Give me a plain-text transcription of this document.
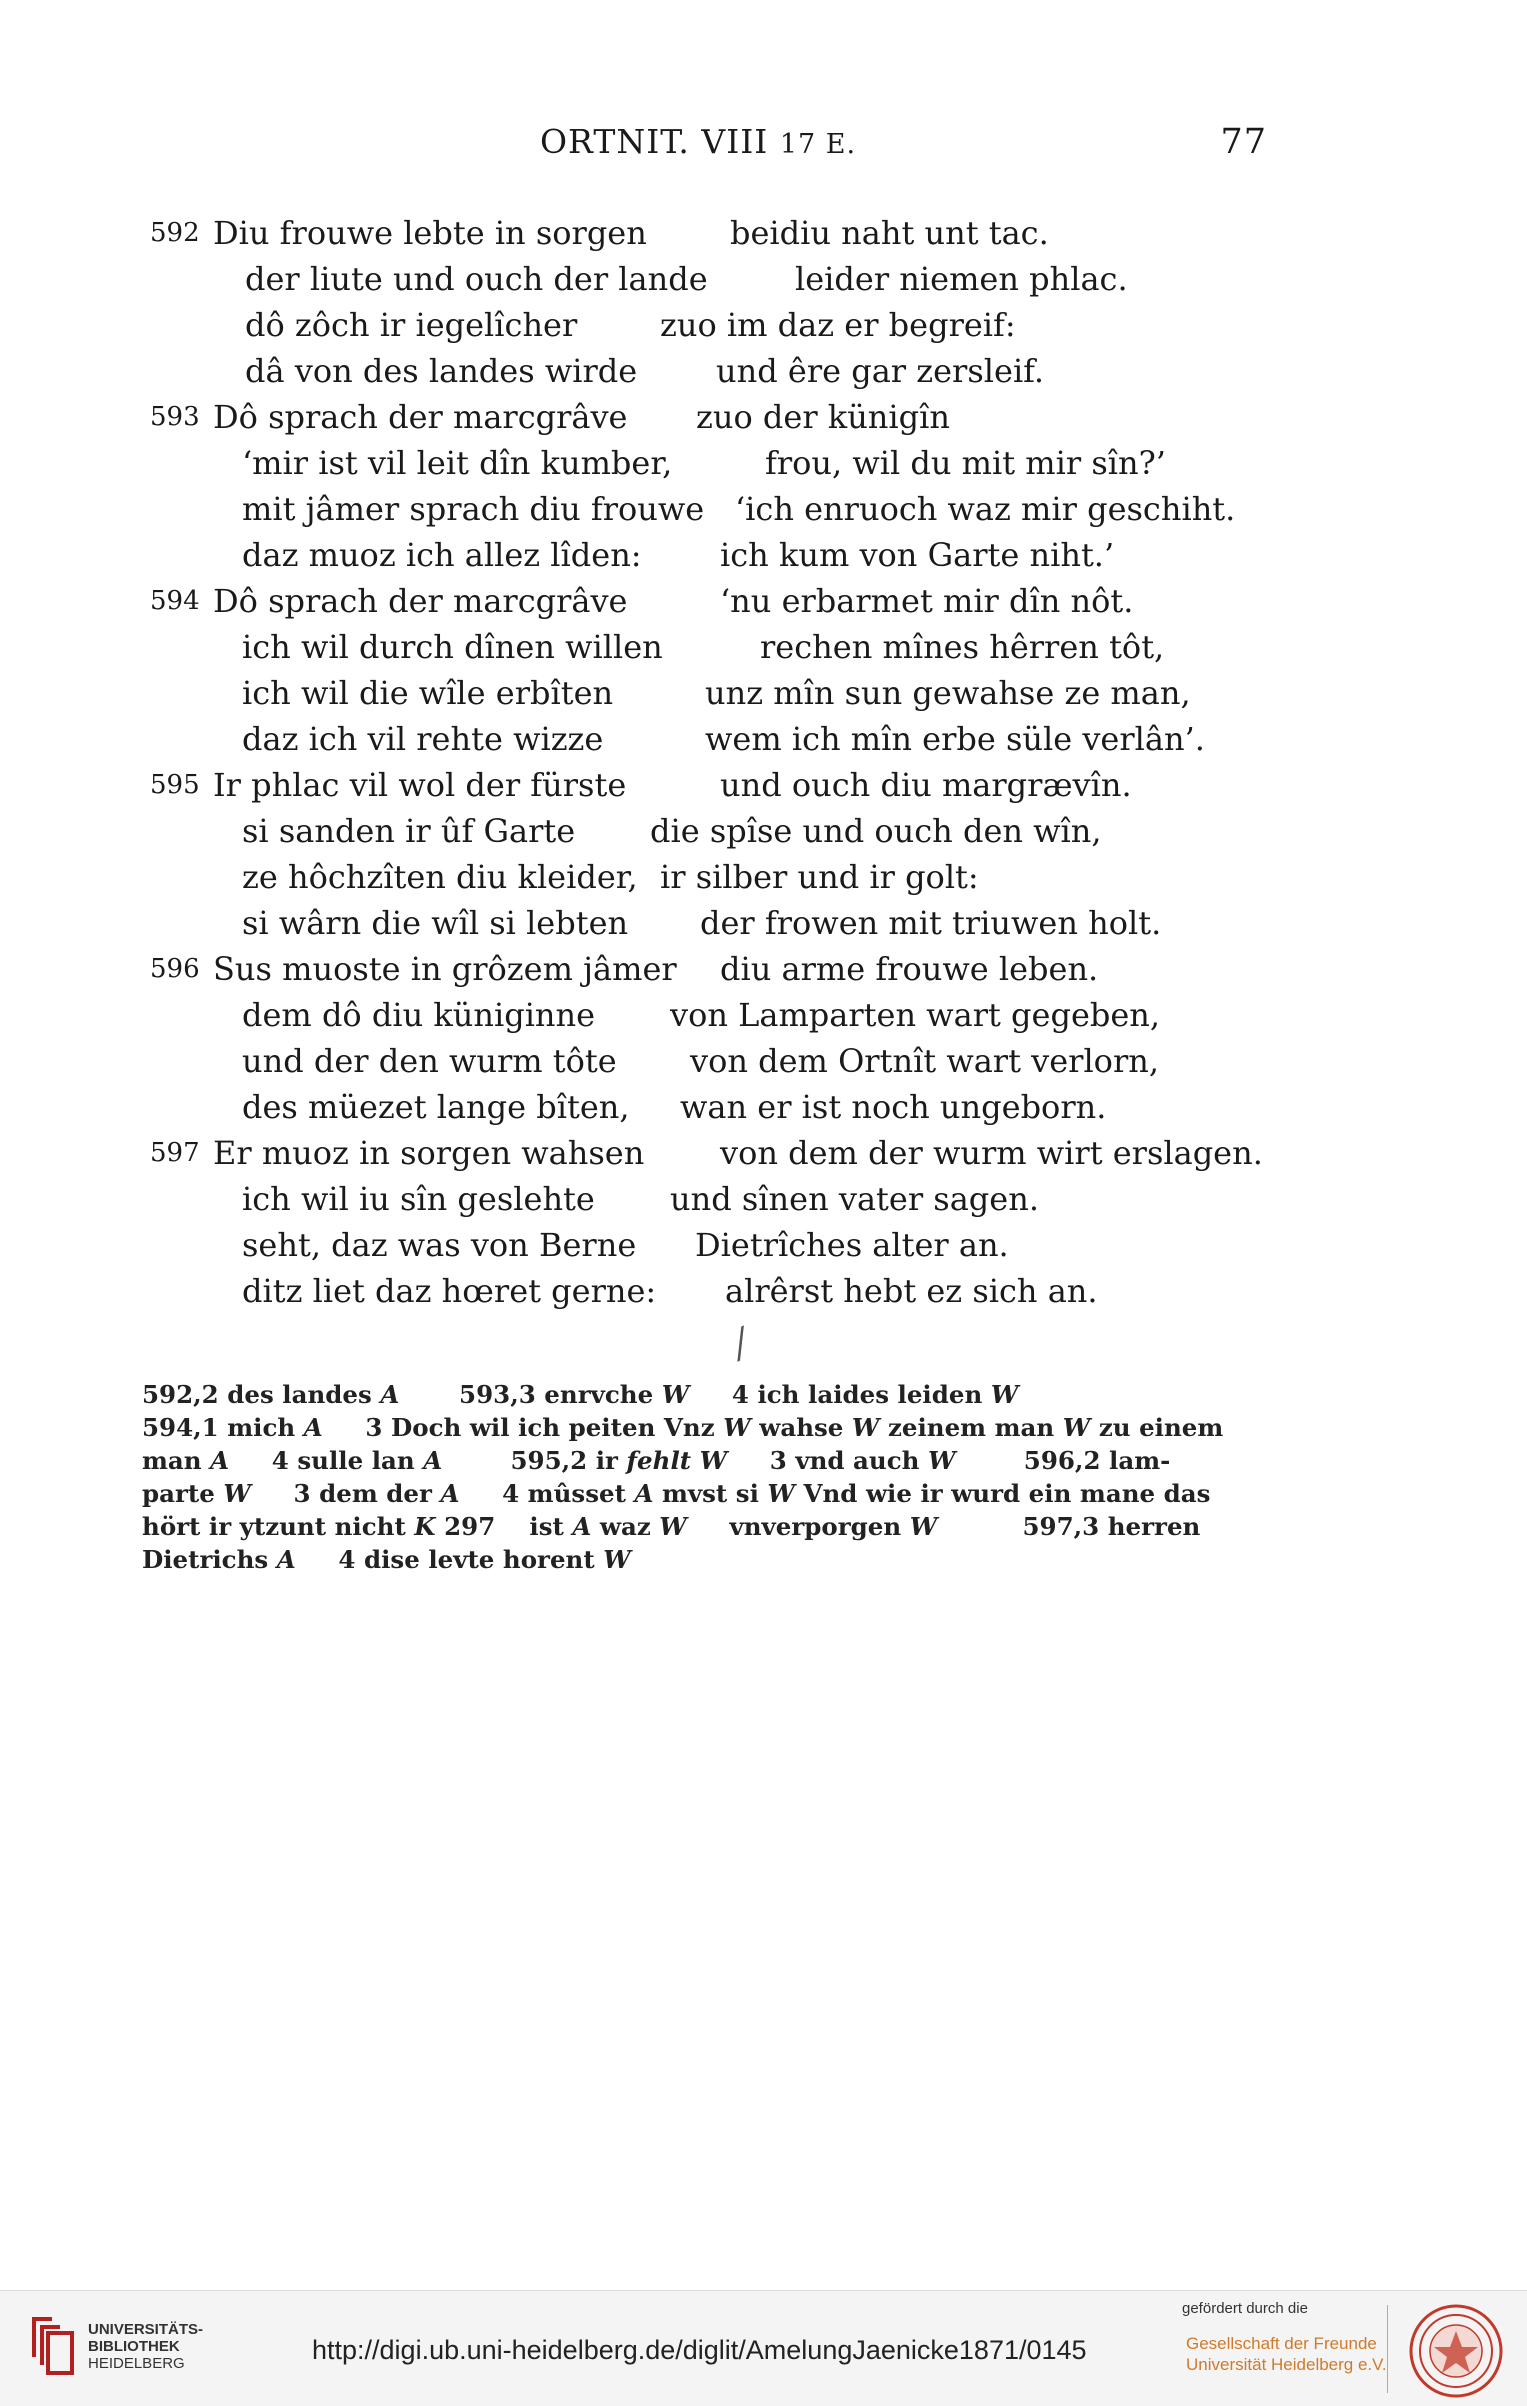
ORTNIT. VIII 17 E.	77
592 Diu frouwe lebte in sorgen	beidiu naht unt tac.
der liute und ouch der lande	leider niemen phlac.
dô zôch ir iegelîcher	zuo im daz er begreif:
dâ von des landes wirde und êre gar zersleif.
593 Dô sprach der marcgrâve zuo der künigîn
‘mir ist vil leit dîn kumber,	frou, wil du mit mir sîn?’
mit jâmer sprach diu frouwe ‘ich enruoch waz mir geschiht.
daz muoz ich allez lîden: ich kum von Garte niht.’
594 Dô sprach der marcgrâve	‘nu erbarmet mir dîn nôt.
ich wil durch dînen willen	rechen mînes hêrren tôt,
ich wil die wîle erbîten	unz mîn sun gewahse ze man,
daz ich vil rehte wizze	wem ich mîn erbe süle verlân’.
595 Ir phlac vil wol der fürste	und ouch diu margrævîn.
si sanden ir ûf Garte die spîse und ouch den wîn,
ze hôchzîten diu kleider, ir silber und ir golt:
si wârn die wîl si lebten der frowen mit triuwen holt.
596 Sus muoste in grôzem jâmer diu arme frouwe leben.
dem dô diu küniginne von Lamparten wart gegeben,
und der den wurm tôte von dem Ortnît wart verlorn,
des müezet lange bîten, wan er ist noch ungeborn.
597 Er muoz in sorgen wahsen von dem der wurm wirt erslagen.
ich wil iu sîn geslehte und sînen vater sagen.
seht, daz was von Berne Dietrîches alter an.
ditz liet daz hœret gerne: alrêrst hebt ez sich an.
⁄
592,2 des landes A       593,3 enrvche W     4 ich laides leiden W
594,1 mich A     3 Doch wil ich peiten Vnz W wahse W zeinem man W zu einem
man A     4 sulle lan A        595,2 ir fehlt W     3 vnd auch W        596,2 lam-
parte W     3 dem der A     4 mûsset A mvst si W Vnd wie ir wurd ein mane das
hört ir ytzunt nicht K 297    ist A waz W     vnverporgen W          597,3 herren
Dietrichs A     4 dise levte horent W
UNIVERSITÄTS-
BIBLIOTHEK
HEIDELBERG	http://digi.ub.uni-heidelberg.de/diglit/AmelungJaenicke1871/0145
gefördert durch die
Gesellschaft der Freunde
Universität Heidelberg e.V.
